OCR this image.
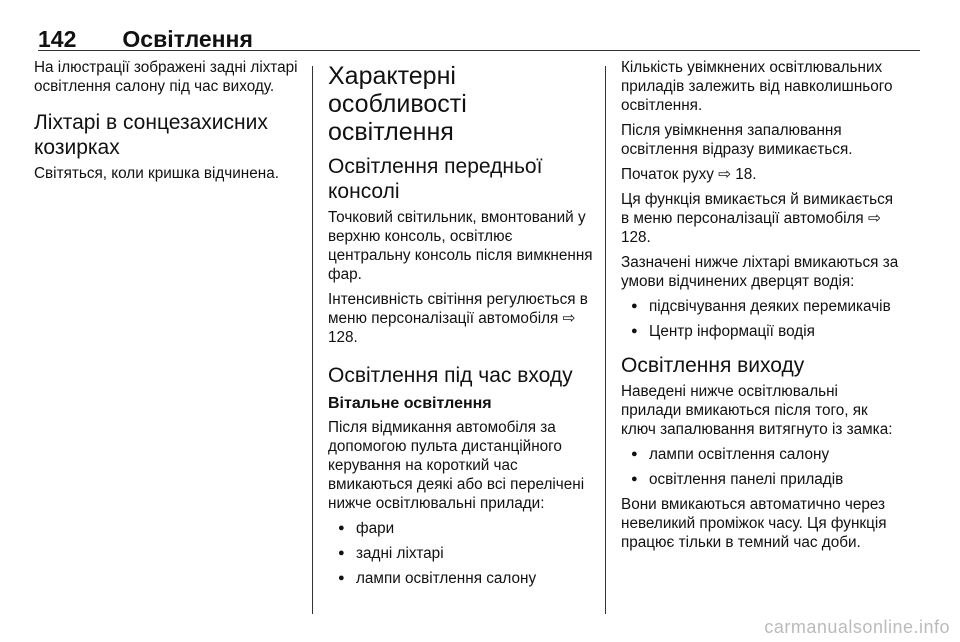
142 Освітлення

На ілюстрації зображені задні ліхтарі освітлення салону під час виходу.

Ліхтарі в сонцезахисних козирках

Світяться, коли кришка відчинена.

Характерні особливості освітлення
Освітлення передньої консолі

Точковий світильник, вмонтований у верхню консоль, освітлює центральну консоль після вимкнення фар.

Інтенсивність світіння регулюється в меню персоналізації автомобіля ⇨ 128.

Освітлення під час входу
Вітальне освітлення

Після відмикання автомобіля за допомогою пульта дистанційного керування на короткий час вмикаються деякі або всі перелічені нижче освітлювальні прилади:

● фари
● задні ліхтарі
● лампи освітлення салону

Кількість увімкнених освітлювальних приладів залежить від навколишнього освітлення.

Після увімкнення запалювання освітлення відразу вимикається.

Початок руху ⇨ 18.

Ця функція вмикається й вимикається в меню персоналізації автомобіля ⇨ 128.

Зазначені нижче ліхтарі вмикаються за умови відчинених дверцят водія:

● підсвічування деяких перемикачів
● Центр інформації водія
Освітлення виходу

Наведені нижче освітлювальні прилади вмикаються після того, як ключ запалювання витягнуто із замка:

● лампи освітлення салону
● освітлення панелі приладів

Вони вмикаються автоматично через невеликий проміжок часу. Ця функція працює тільки в темний час доби.

carmanualsonline.info
